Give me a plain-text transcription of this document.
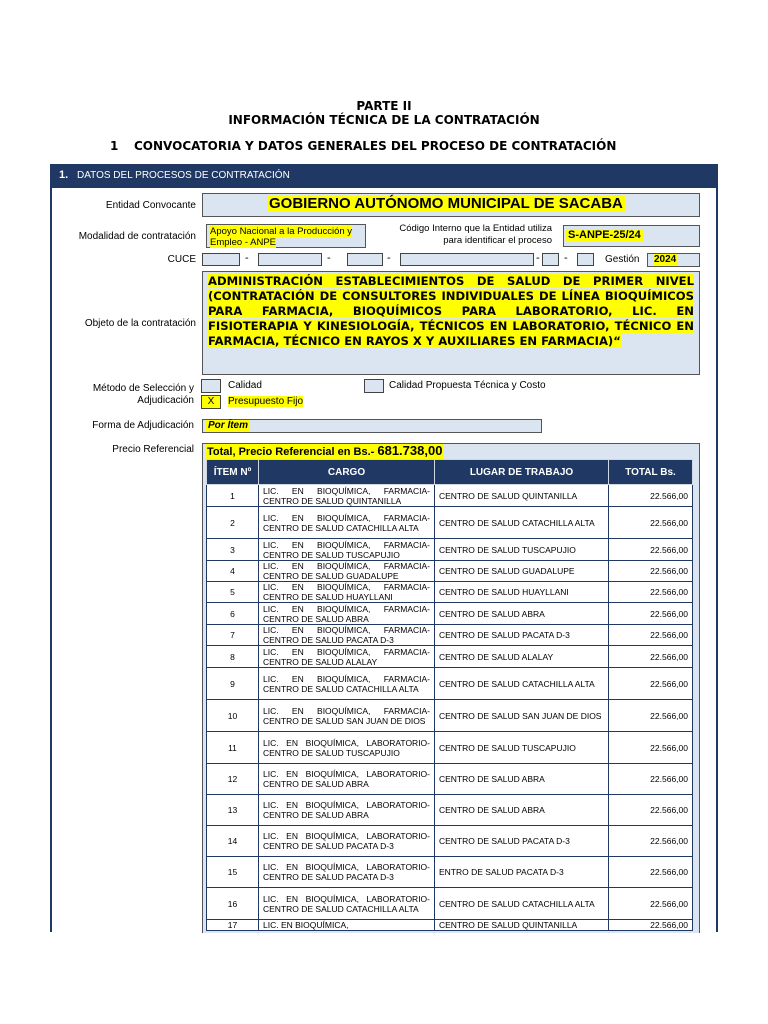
PARTE II
INFORMACIÓN TÉCNICA DE LA CONTRATACIÓN
1 CONVOCATORIA Y DATOS GENERALES DEL PROCESO DE CONTRATACIÓN
1. DATOS DEL PROCESOS DE CONTRATACIÓN
Entidad Convocante	GOBIERNO AUTÓNOMO MUNICIPAL DE SACABA
Modalidad de contratación Apoyo Nacional a la Producción y Empleo - ANPE
Código Interno que la Entidad utiliza para identificar el proceso S-ANPE-25/24
CUCE	-	-	-	- -	Gestión 2024
Objeto de la contratación
ADMINISTRACIÓN ESTABLECIMIENTOS DE SALUD DE PRIMER NIVEL (CONTRATACIÓN DE CONSULTORES INDIVIDUALES DE LÍNEA BIOQUÍMICOS PARA FARMACIA, BIOQUÍMICOS PARA LABORATORIO, LIC. EN FISIOTERAPIA Y KINESIOLOGÍA, TÉCNICOS EN LABORATORIO, TÉCNICO EN FARMACIA, TÉCNICO EN RAYOS X Y AUXILIARES EN FARMACIA)“
Método de Selección y Adjudicación
Calidad	Calidad Propuesta Técnica y Costo
X	Presupuesto Fijo
Forma de Adjudicación Por Ítem
Precio Referencial Total, Precio Referencial en Bs.- 681.738,00
ÍTEM Nº	CARGO	LUGAR DE TRABAJO	TOTAL Bs.
1	LIC. EN BIOQUÍMICA, FARMACIA-CENTRO DE SALUD QUINTANILLA	CENTRO DE SALUD QUINTANILLA	22.566,00
2	LIC. EN BIOQUÍMICA, FARMACIA-CENTRO DE SALUD CATACHILLA ALTA	CENTRO DE SALUD CATACHILLA ALTA	22.566,00
3	LIC. EN BIOQUÍMICA, FARMACIA-CENTRO DE SALUD TUSCAPUJIO	CENTRO DE SALUD TUSCAPUJIO	22.566,00
4	LIC. EN BIOQUÍMICA, FARMACIA-CENTRO DE SALUD GUADALUPE	CENTRO DE SALUD GUADALUPE	22.566,00
5	LIC. EN BIOQUÍMICA, FARMACIA-CENTRO DE SALUD HUAYLLANI	CENTRO DE SALUD HUAYLLANI	22.566,00
6	LIC. EN BIOQUÍMICA, FARMACIA-CENTRO DE SALUD ABRA	CENTRO DE SALUD ABRA	22.566,00
7	LIC. EN BIOQUÍMICA, FARMACIA-CENTRO DE SALUD PACATA D-3	CENTRO DE SALUD PACATA D-3	22.566,00
8	LIC. EN BIOQUÍMICA, FARMACIA-CENTRO DE SALUD ALALAY	CENTRO DE SALUD ALALAY	22.566,00
9	LIC. EN BIOQUÍMICA, FARMACIA-CENTRO DE SALUD CATACHILLA ALTA	CENTRO DE SALUD CATACHILLA ALTA	22.566,00
10	LIC. EN BIOQUÍMICA, FARMACIA-CENTRO DE SALUD SAN JUAN DE DIOS	CENTRO DE SALUD SAN JUAN DE DIOS	22.566,00
11	LIC. EN BIOQUÍMICA, LABORATORIO-CENTRO DE SALUD TUSCAPUJIO	CENTRO DE SALUD TUSCAPUJIO	22.566,00
12	LIC. EN BIOQUÍMICA, LABORATORIO-CENTRO DE SALUD ABRA	CENTRO DE SALUD ABRA	22.566,00
13	LIC. EN BIOQUÍMICA, LABORATORIO-CENTRO DE SALUD ABRA	CENTRO DE SALUD ABRA	22.566,00
14	LIC. EN BIOQUÍMICA, LABORATORIO-CENTRO DE SALUD PACATA D-3	CENTRO DE SALUD PACATA D-3	22.566,00
15	LIC. EN BIOQUÍMICA, LABORATORIO-CENTRO DE SALUD PACATA D-3	ENTRO DE SALUD PACATA D-3	22.566,00
16	LIC. EN BIOQUÍMICA, LABORATORIO-CENTRO DE SALUD CATACHILLA ALTA	CENTRO DE SALUD CATACHILLA ALTA	22.566,00
17	LIC. EN BIOQUÍMICA,	CENTRO DE SALUD QUINTANILLA	22.566,00
